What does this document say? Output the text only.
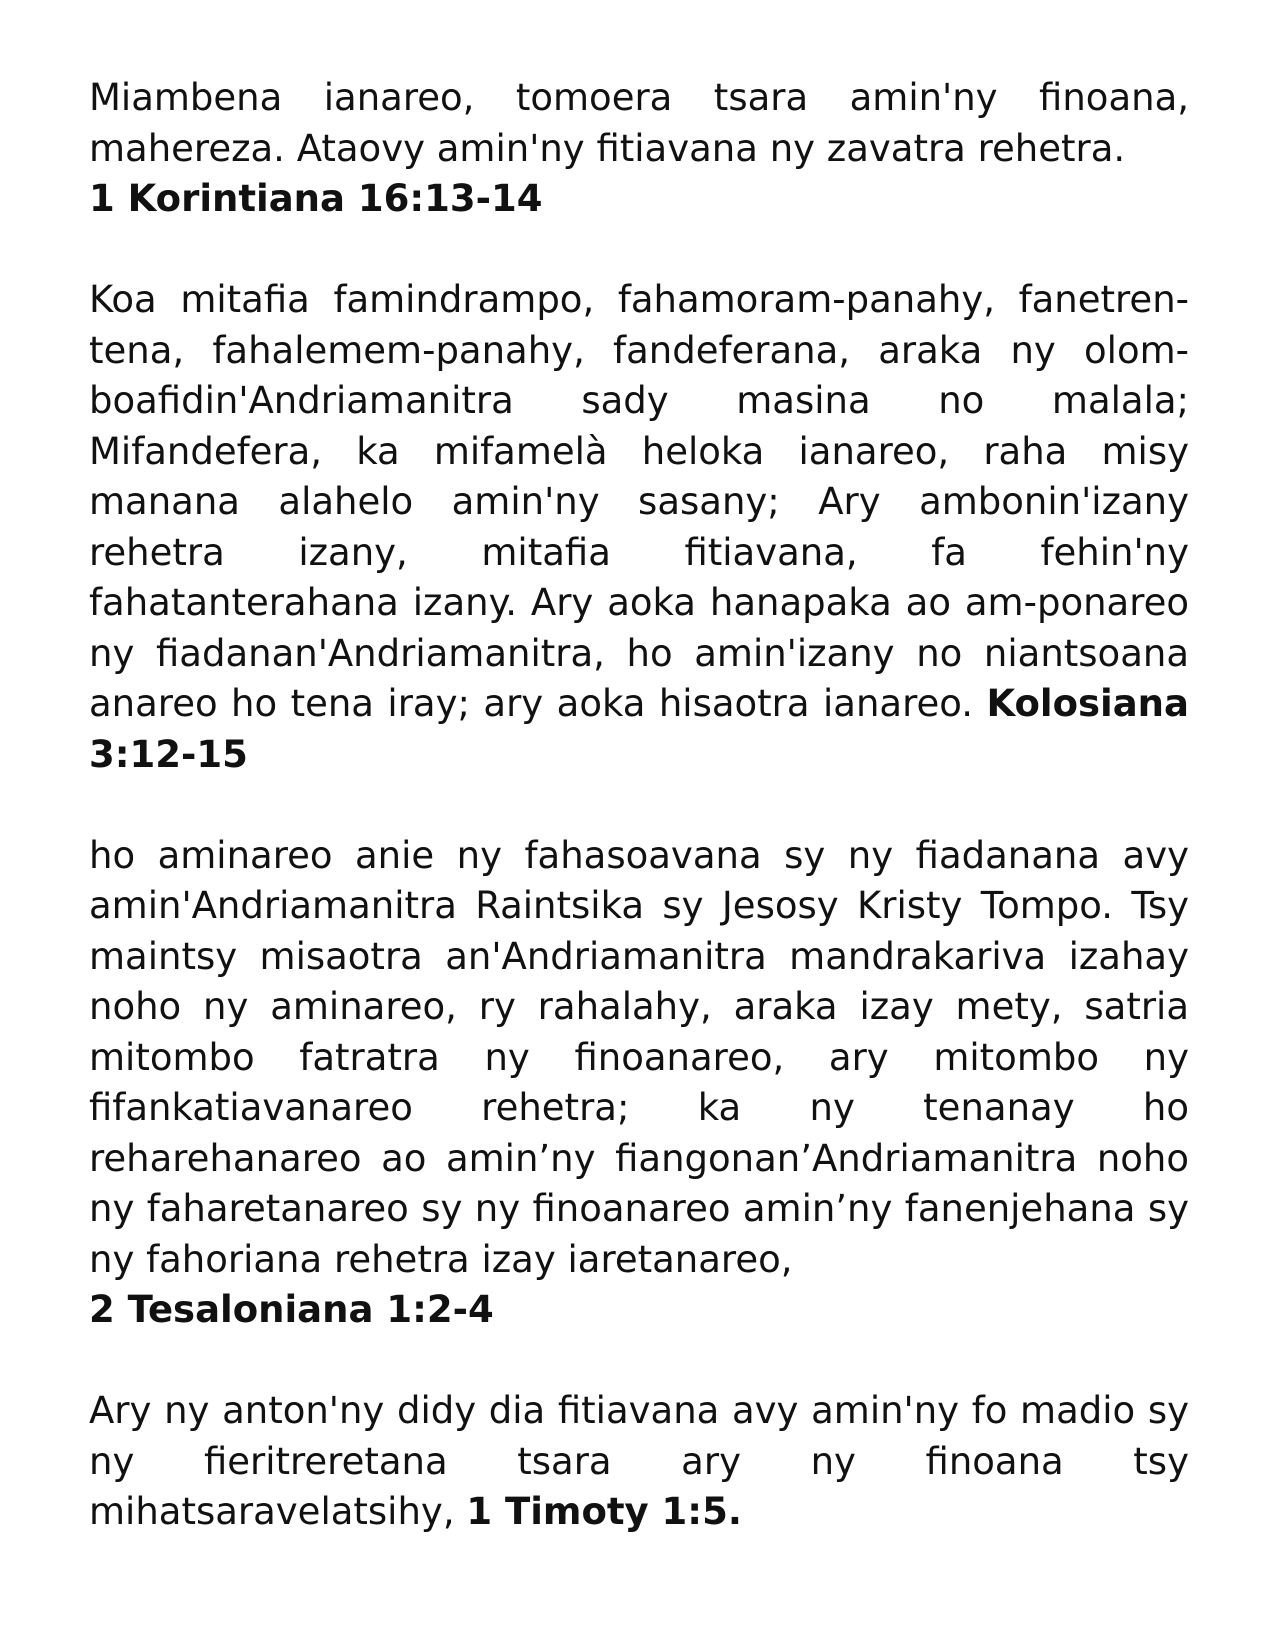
Miambena ianareo, tomoera tsara amin'ny finoana, mahereza. Ataovy amin'ny fitiavana ny zavatra rehetra.
1 Korintiana 16:13-14

Koa mitafia famindrampo, fahamoram-panahy, fanetren-tena, fahalemem-panahy, fandeferana, araka ny olom-boafidin'Andriamanitra sady masina no malala; Mifandefera, ka mifamelà heloka ianareo, raha misy manana alahelo amin'ny sasany; Ary ambonin'izany rehetra izany, mitafia fitiavana, fa fehin'ny fahatanterahana izany. Ary aoka hanapaka ao am-ponareo ny fiadanan'Andriamanitra, ho amin'izany no niantsoana anareo ho tena iray; ary aoka hisaotra ianareo. Kolosiana 3:12-15

ho aminareo anie ny fahasoavana sy ny fiadanana avy amin'Andriamanitra Raintsika sy Jesosy Kristy Tompo. Tsy maintsy misaotra an'Andriamanitra mandrakariva izahay noho ny aminareo, ry rahalahy, araka izay mety, satria mitombo fatratra ny finoanareo, ary mitombo ny fifankatiavanareo rehetra; ka ny tenanay ho reharehanareo ao amin’ny fiangonan’Andriamanitra noho ny faharetanareo sy ny finoanareo amin’ny fanenjehana sy ny fahoriana rehetra izay iaretanareo,
2 Tesaloniana 1:2-4

Ary ny anton'ny didy dia fitiavana avy amin'ny fo madio sy ny fieritreretana tsara ary ny finoana tsy mihatsaravelatsihy, 1 Timoty 1:5.
